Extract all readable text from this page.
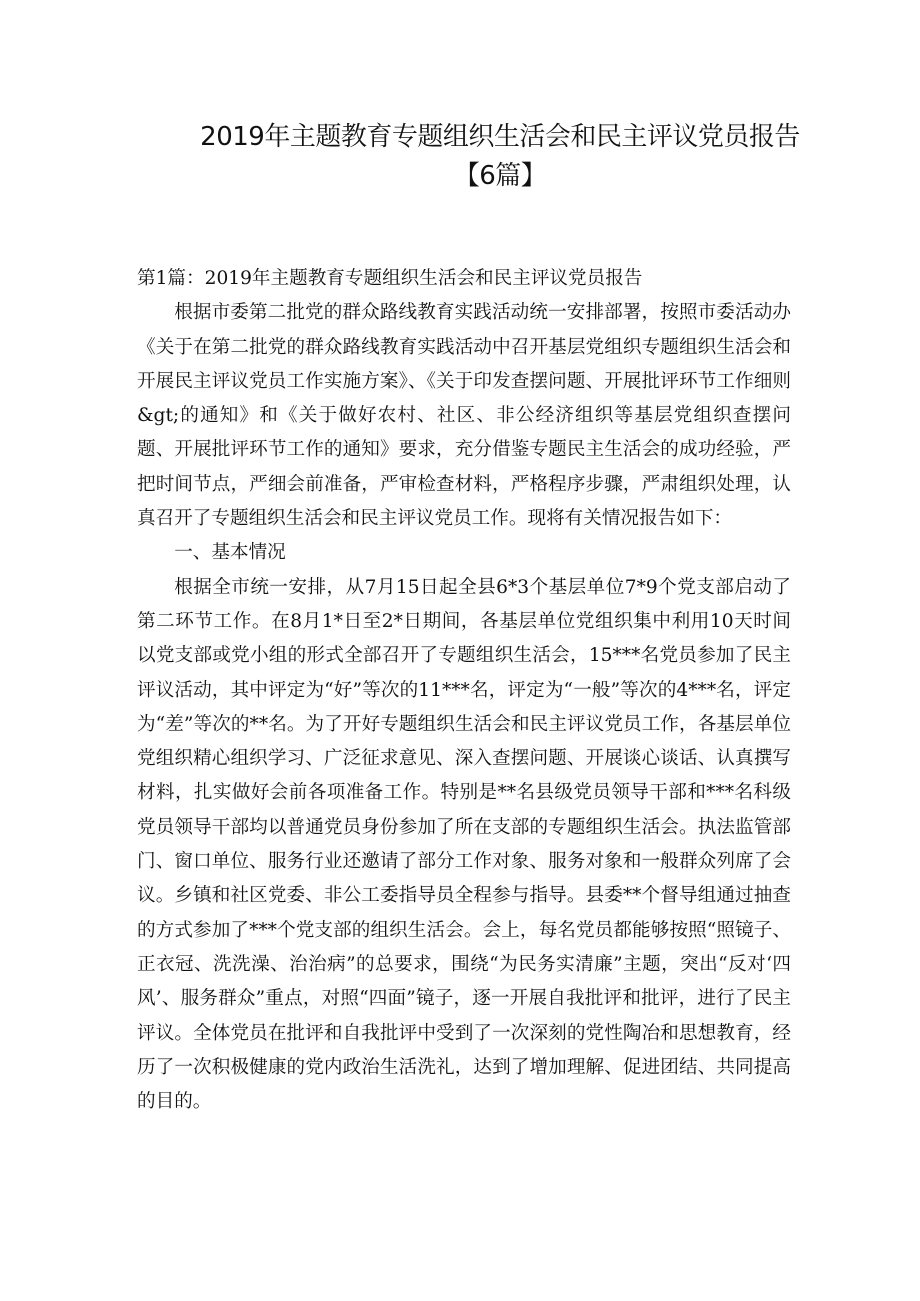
2019年主题教育专题组织生活会和民主评议党员报告
【6篇】

第1篇：2019年主题教育专题组织生活会和民主评议党员报告

根据市委第二批党的群众路线教育实践活动统一安排部署，按照市委活动办《关于在第二批党的群众路线教育实践活动中召开基层党组织专题组织生活会和开展民主评议党员工作实施方案》、《关于印发查摆问题、开展批评环节工作细则&gt;的通知》和《关于做好农村、社区、非公经济组织等基层党组织查摆问题、开展批评环节工作的通知》要求，充分借鉴专题民主生活会的成功经验，严把时间节点，严细会前准备，严审检查材料，严格程序步骤，严肃组织处理，认真召开了专题组织生活会和民主评议党员工作。现将有关情况报告如下：

一、基本情况

根据全市统一安排，从7月15日起全县6*3个基层单位7*9个党支部启动了第二环节工作。在8月1*日至2*日期间，各基层单位党组织集中利用10天时间以党支部或党小组的形式全部召开了专题组织生活会，15***名党员参加了民主评议活动，其中评定为“好”等次的11***名，评定为“一般”等次的4***名，评定为“差”等次的**名。为了开好专题组织生活会和民主评议党员工作，各基层单位党组织精心组织学习、广泛征求意见、深入查摆问题、开展谈心谈话、认真撰写材料，扎实做好会前各项准备工作。特别是**名县级党员领导干部和***名科级党员领导干部均以普通党员身份参加了所在支部的专题组织生活会。执法监管部门、窗口单位、服务行业还邀请了部分工作对象、服务对象和一般群众列席了会议。乡镇和社区党委、非公工委指导员全程参与指导。县委**个督导组通过抽查的方式参加了***个党支部的组织生活会。会上，每名党员都能够按照“照镜子、正衣冠、洗洗澡、治治病”的总要求，围绕“为民务实清廉”主题，突出“反对‘四风’、服务群众”重点，对照“四面”镜子，逐一开展自我批评和批评，进行了民主评议。全体党员在批评和自我批评中受到了一次深刻的党性陶冶和思想教育，经历了一次积极健康的党内政治生活洗礼，达到了增加理解、促进团结、共同提高的目的。
